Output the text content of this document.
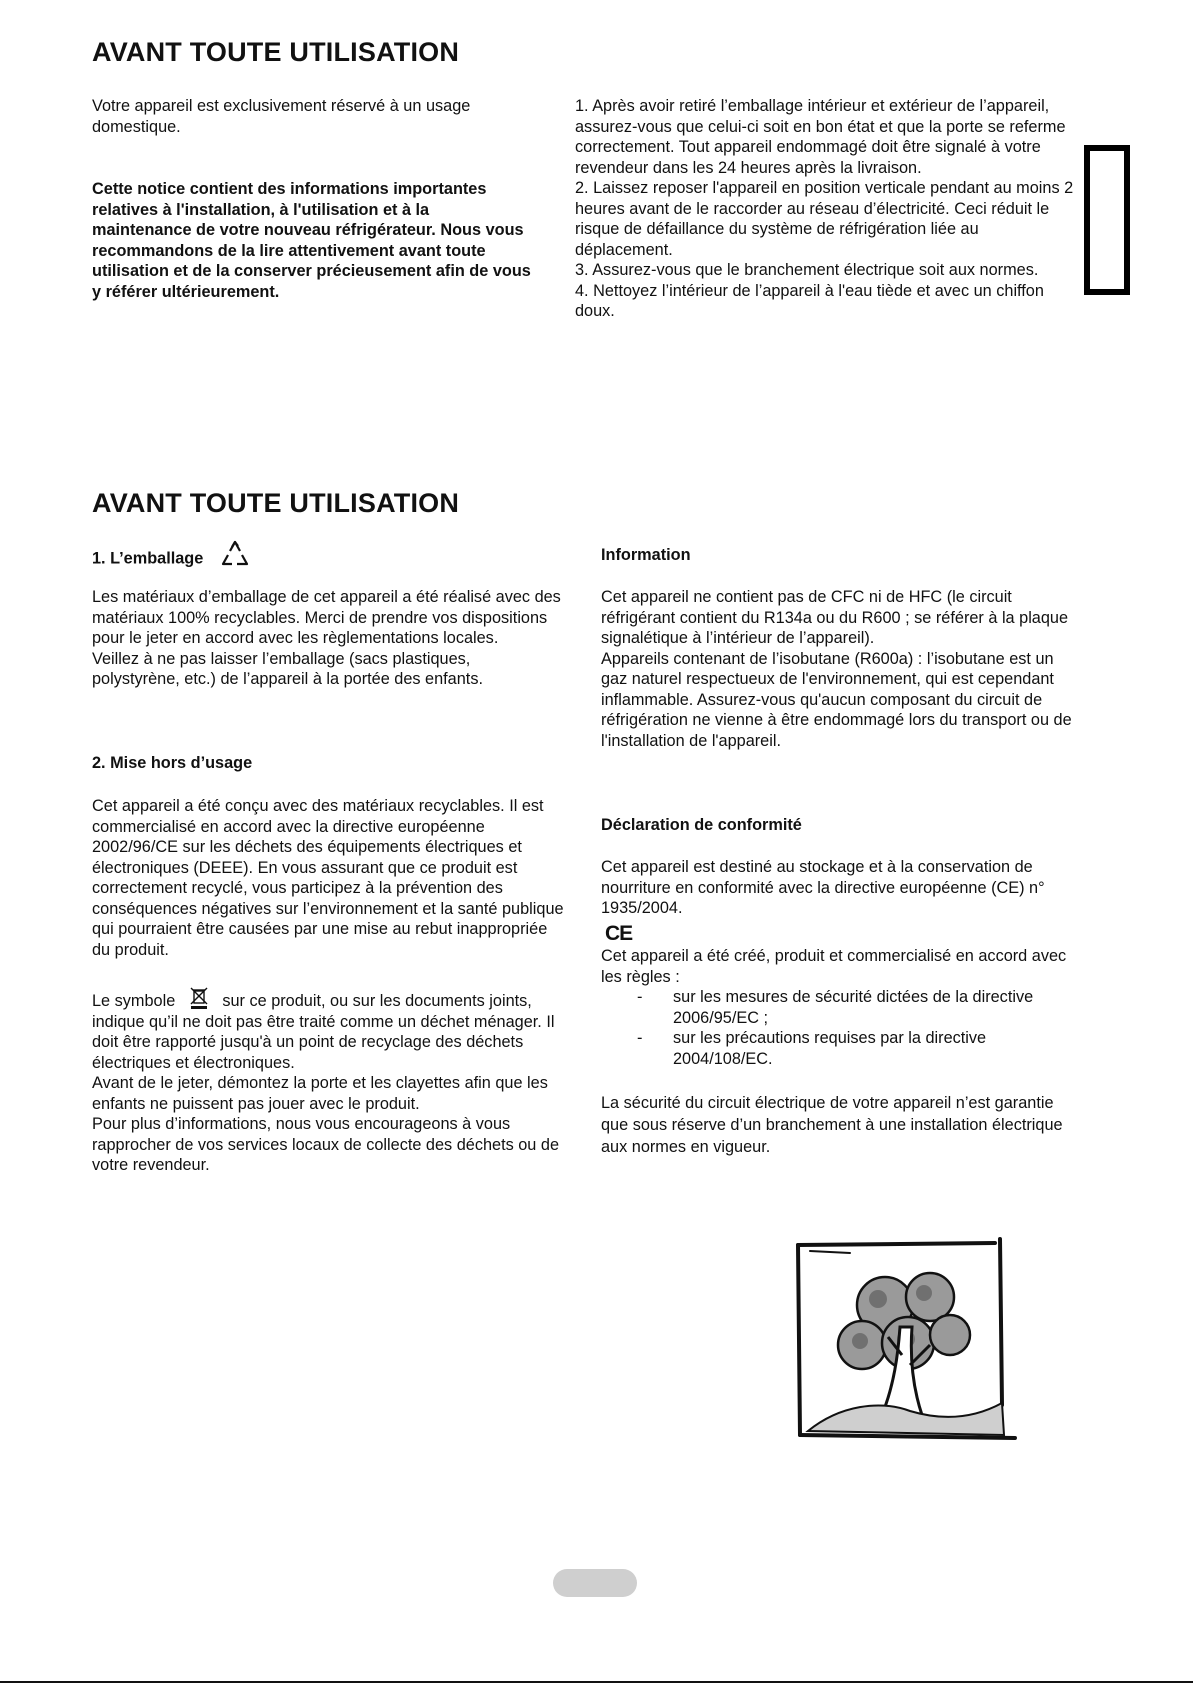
AVANT TOUTE UTILISATION

Votre appareil est exclusivement réservé à un usage domestique.

Cette notice contient des informations importantes relatives à l'installation, à l'utilisation et à la maintenance de votre nouveau réfrigérateur. Nous vous recommandons de la lire attentivement avant toute utilisation et de la conserver précieusement afin de vous y référer ultérieurement.

1. Après avoir retiré l’emballage intérieur et extérieur de l’appareil, assurez-vous que celui-ci soit en bon état et que la porte se referme correctement. Tout appareil endommagé doit être signalé à votre revendeur dans les 24 heures après la livraison.

2. Laissez reposer l'appareil en position verticale pendant au moins 2 heures avant de le raccorder au réseau d’électricité. Ceci réduit le risque de défaillance du système de réfrigération liée au déplacement.

3. Assurez-vous que le branchement électrique soit aux normes.

4. Nettoyez l’intérieur de l’appareil à l'eau tiède et avec un chiffon doux.

AVANT TOUTE UTILISATION
1. L’emballage

Les matériaux d’emballage de cet appareil a été réalisé avec des matériaux 100% recyclables. Merci de prendre vos dispositions pour le jeter en accord avec les règlementations locales.

Veillez à ne pas laisser l’emballage (sacs plastiques, polystyrène, etc.) de l’appareil à la portée des enfants.

2. Mise hors d’usage

Cet appareil a été conçu avec des matériaux recyclables. Il est commercialisé en accord avec la directive européenne 2002/96/CE sur les déchets des équipements électriques et électroniques (DEEE). En vous assurant que ce produit est correctement recyclé, vous participez à la prévention des conséquences négatives sur l’environnement et la santé publique qui pourraient être causées par une mise au rebut inappropriée du produit.

Le symbole	sur ce produit, ou sur les documents joints, indique qu’il ne doit pas être traité comme un déchet ménager. Il doit être rapporté jusqu'à un point de recyclage des déchets électriques et électroniques.

Avant de le jeter, démontez la porte et les clayettes afin que les enfants ne puissent pas jouer avec le produit.

Pour plus d’informations, nous vous encourageons à vous rapprocher de vos services locaux de collecte des déchets ou de votre revendeur.

Information

Cet appareil ne contient pas de CFC ni de HFC (le circuit réfrigérant contient du R134a ou du R600 ; se référer à la plaque signalétique à l’intérieur de l’appareil).

Appareils contenant de l’isobutane (R600a) : l’isobutane est un gaz naturel respectueux de l'environnement, qui est cependant inflammable. Assurez-vous qu'aucun composant du circuit de réfrigération ne vienne à être endommagé lors du transport ou de l'installation de l'appareil.

Déclaration de conformité

Cet appareil est destiné au stockage et à la conservation de nourriture en conformité avec la directive européenne (CE) n° 1935/2004.

CE

Cet appareil a été créé, produit et commercialisé en accord avec les règles :

- sur les mesures de sécurité dictées de la directive 2006/95/EC ;
- sur les précautions requises par la directive 2004/108/EC.

La sécurité du circuit électrique de votre appareil n’est garantie que sous réserve d’un branchement à une installation électrique aux normes en vigueur.
